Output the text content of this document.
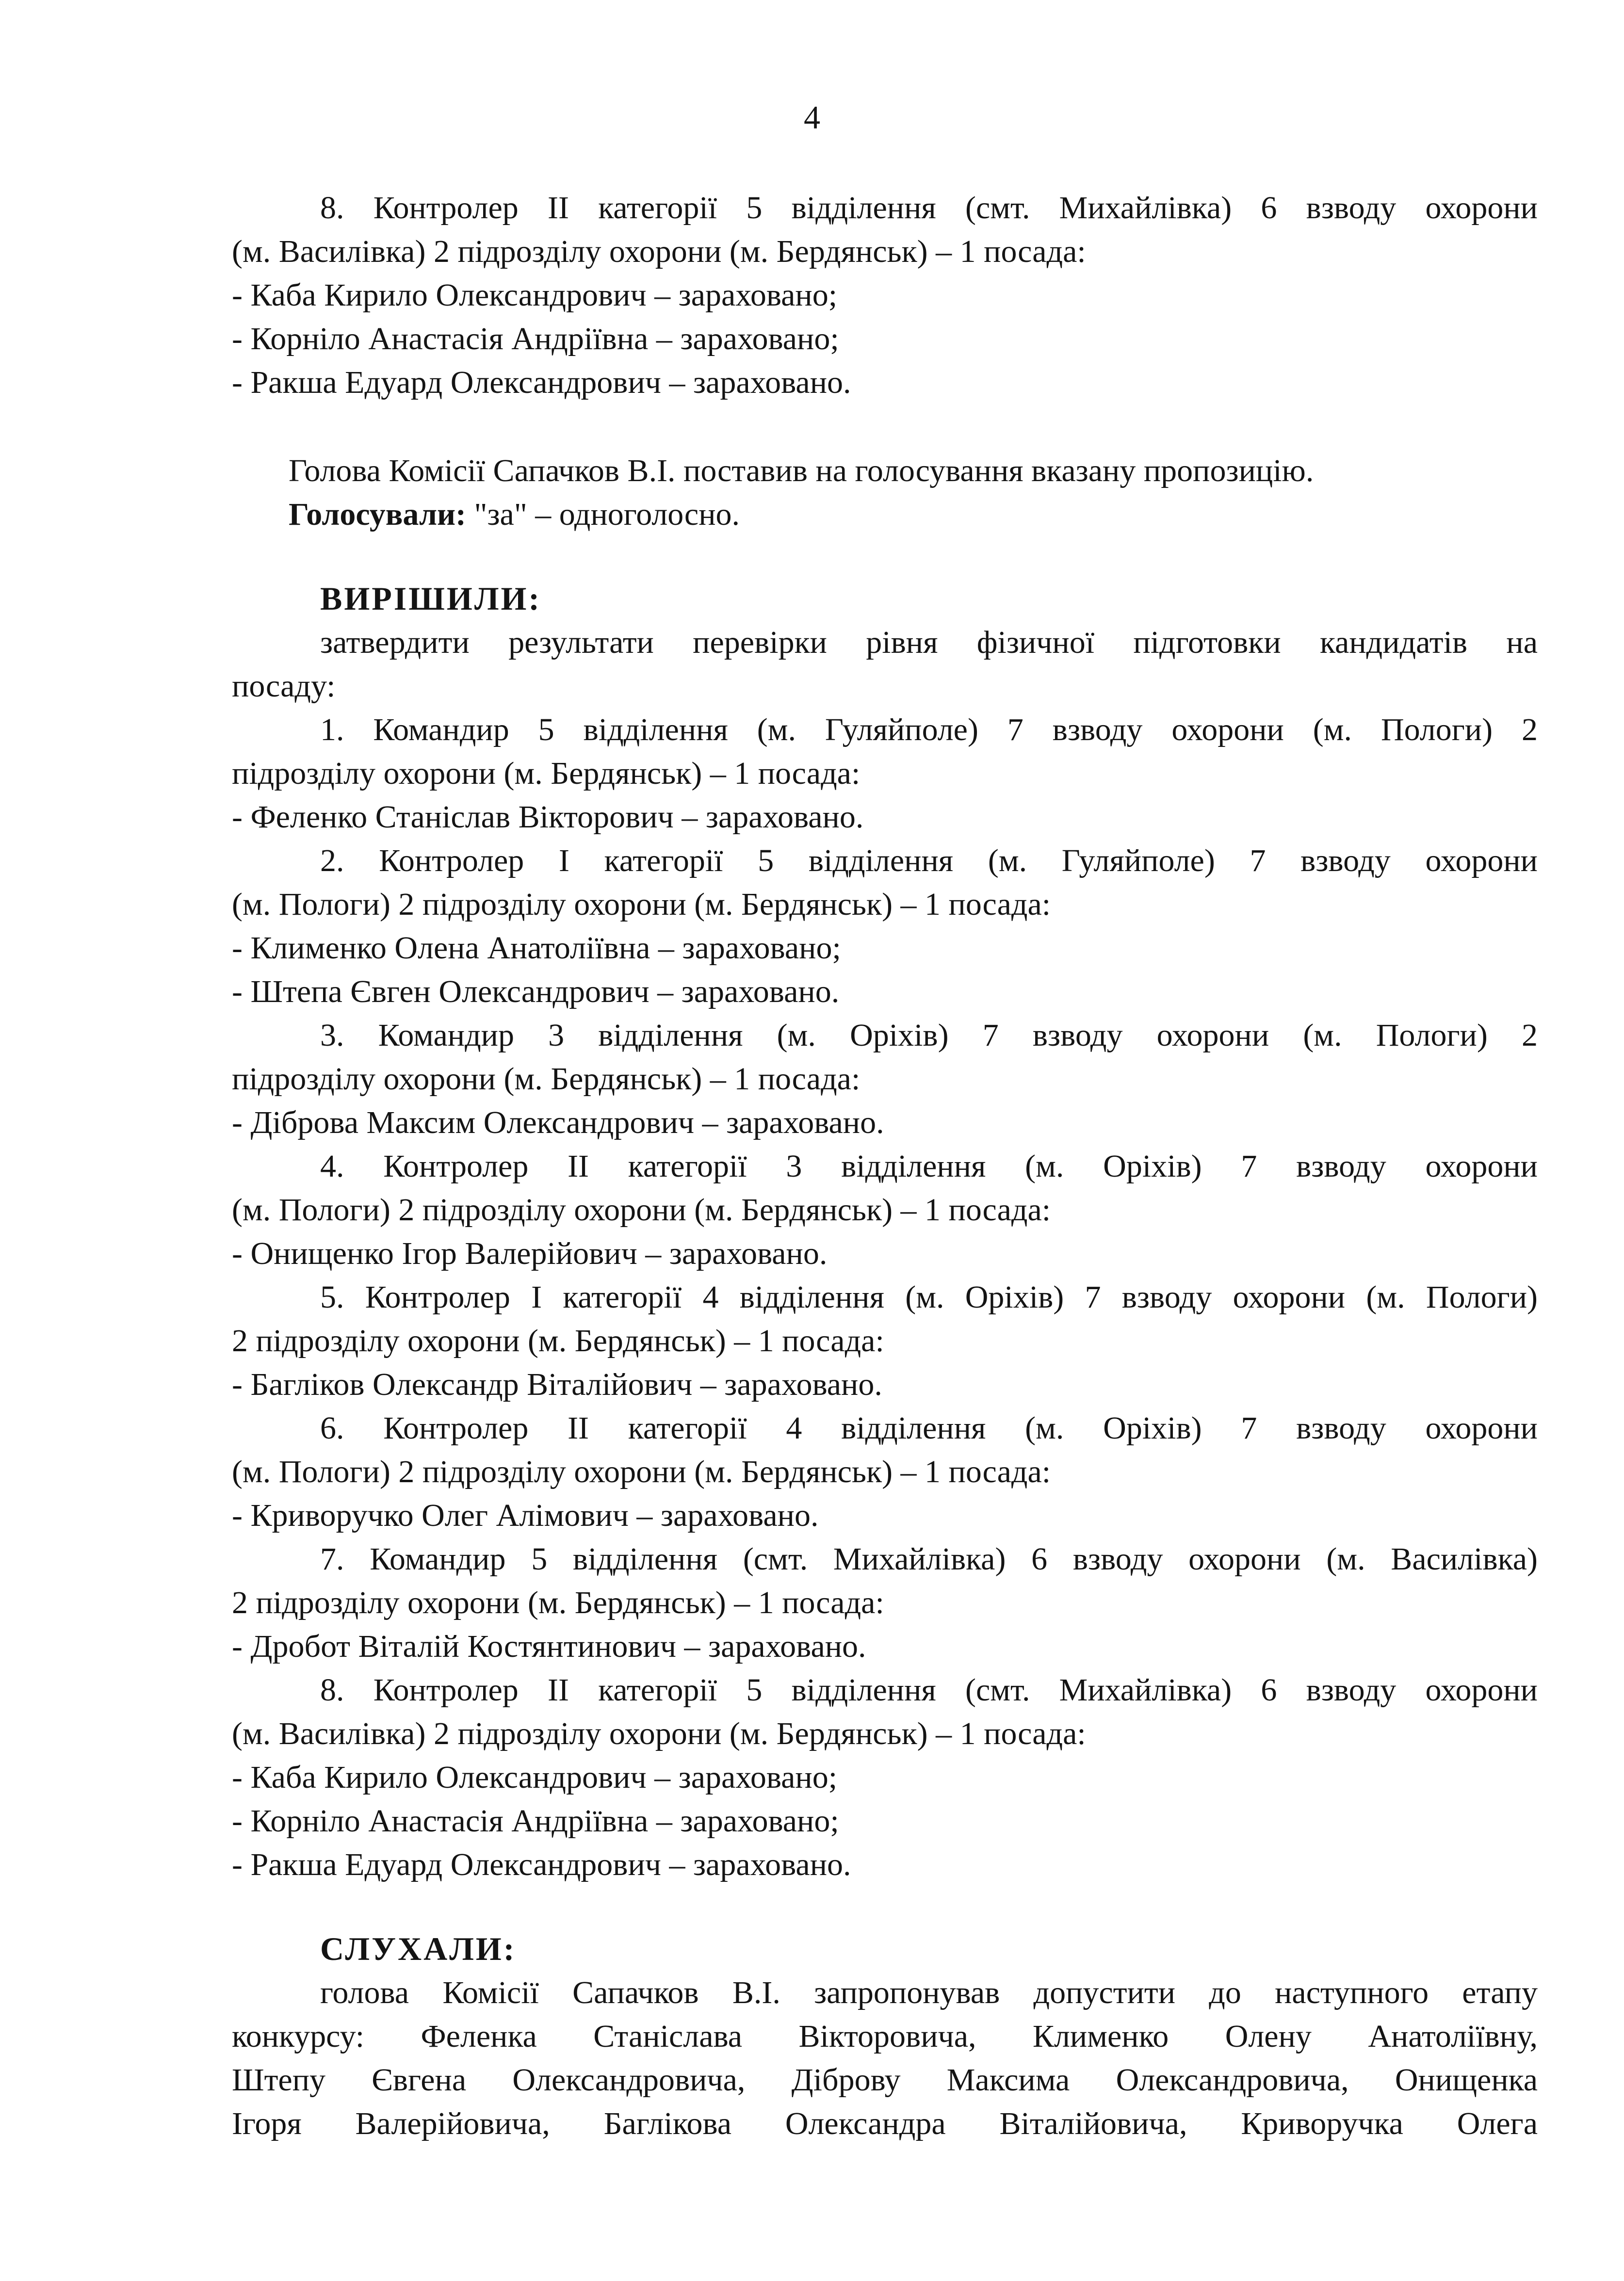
4
8. Контролер II категорії 5 відділення (смт. Михайлівка) 6 взводу охорони
(м. Василівка) 2 підрозділу охорони (м. Бердянськ) – 1 посада:
- Каба Кирило Олександрович – зараховано;
- Корніло Анастасія Андріївна – зараховано;
- Ракша Едуард Олександрович – зараховано.
Голова Комісії Сапачков В.І. поставив на голосування вказану пропозицію.
Голосували: "за" – одноголосно.
ВИРІШИЛИ:
затвердити результати перевірки рівня фізичної підготовки кандидатів на
посаду:
1. Командир 5 відділення (м. Гуляйполе) 7 взводу охорони (м. Пологи) 2
підрозділу охорони (м. Бердянськ) – 1 посада:
- Феленко Станіслав Вікторович – зараховано.
2. Контролер I категорії 5 відділення (м. Гуляйполе) 7 взводу охорони
(м. Пологи) 2 підрозділу охорони (м. Бердянськ) – 1 посада:
- Клименко Олена Анатоліївна – зараховано;
- Штепа Євген Олександрович – зараховано.
3. Командир 3 відділення (м. Оріхів) 7 взводу охорони (м. Пологи) 2
підрозділу охорони (м. Бердянськ) – 1 посада:
- Діброва Максим Олександрович – зараховано.
4. Контролер II категорії 3 відділення (м. Оріхів) 7 взводу охорони
(м. Пологи) 2 підрозділу охорони (м. Бердянськ) – 1 посада:
- Онищенко Ігор Валерійович – зараховано.
5. Контролер I категорії 4 відділення (м. Оріхів) 7 взводу охорони (м. Пологи)
2 підрозділу охорони (м. Бердянськ) – 1 посада:
- Багліков Олександр Віталійович – зараховано.
6. Контролер II категорії 4 відділення (м. Оріхів) 7 взводу охорони
(м. Пологи) 2 підрозділу охорони (м. Бердянськ) – 1 посада:
- Криворучко Олег Алімович – зараховано.
7. Командир 5 відділення (смт. Михайлівка) 6 взводу охорони (м. Василівка)
2 підрозділу охорони (м. Бердянськ) – 1 посада:
- Дробот Віталій Костянтинович – зараховано.
8. Контролер II категорії 5 відділення (смт. Михайлівка) 6 взводу охорони
(м. Василівка) 2 підрозділу охорони (м. Бердянськ) – 1 посада:
- Каба Кирило Олександрович – зараховано;
- Корніло Анастасія Андріївна – зараховано;
- Ракша Едуард Олександрович – зараховано.
СЛУХАЛИ:
голова Комісії Сапачков В.І. запропонував допустити до наступного етапу
конкурсу: Феленка Станіслава Вікторовича, Клименко Олену Анатоліївну,
Штепу Євгена Олександровича, Діброву Максима Олександровича, Онищенка
Ігоря Валерійовича, Баглікова Олександра Віталійовича, Криворучка Олега
